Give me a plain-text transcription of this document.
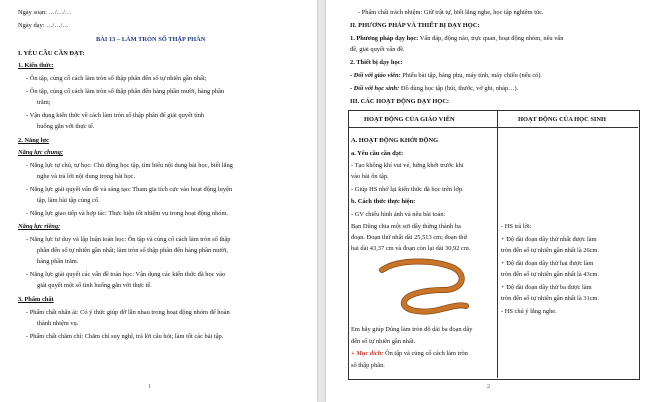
Ngày soạn: …/…/…
Ngày dạy: …/…/…
BÀI 13 – LÀM TRÒN SỐ THẬP PHÂN
I. YÊU CẦU CẦN ĐẠT:
1. Kiến thức:
- Ôn tập, củng cố cách làm tròn số thập phân đến số tự nhiên gần nhất;
- Ôn tập, củng cố cách làm tròn số thập phân đến hàng phần mười, hàng phần
trăm;
- Vận dụng kiến thức về cách làm tròn số thập phân để giải quyết tình
huống gắn với thực tế.
2. Năng lực
Năng lực chung:
- Năng lực tự chủ, tự học: Chủ động học tập, tìm hiểu nội dung bài học, biết lắng
nghe và trả lời nội dung trong bài học.
- Năng lực giải quyết vấn đề và sáng tạo: Tham gia tích cực vào hoạt động luyện
tập, làm bài tập củng cố.
- Năng lực giao tiếp và hợp tác: Thực hiện tốt nhiệm vụ trong hoạt động nhóm.
Năng lực riêng:
- Năng lực tư duy và lập luận toán học: Ôn tập và củng cố cách làm tròn số thập
phân đến số tự nhiên gần nhất; làm tròn số thập phân đến hàng phần mười,
hàng phần trăm.
- Năng lực giải quyết các vấn đề toán học: Vận dụng các kiến thức đã học vào
giải quyết một số tình huống gắn với thực tế.
3. Phẩm chất
- Phẩm chất nhân ái: Có ý thức giúp đỡ lẫn nhau trong hoạt động nhóm để hoàn
thành nhiệm vụ.
- Phẩm chất chăm chỉ: Chăm chỉ suy nghĩ, trả lời câu hỏi; làm tốt các bài tập.
1
- Phẩm chất trách nhiệm: Giữ trật tự, biết lắng nghe, học tập nghiêm túc.
II. PHƯƠNG PHÁP VÀ THIẾT BỊ DẠY HỌC:
1. Phương pháp dạy học: Vấn đáp, động não, trực quan, hoạt động nhóm, nêu vấn
đề, giải quyết vấn đề.
2. Thiết bị dạy học:
- Đối với giáo viên: Phiếu bài tập, bảng phụ, máy tính, máy chiếu (nếu có).
- Đối với học sinh: Đồ dùng học tập (bút, thước, vở ghi, nháp…).
III. CÁC HOẠT ĐỘNG DẠY HỌC:
HOẠT ĐỘNG CỦA GIÁO VIÊN	HOẠT ĐỘNG CỦA HỌC SINH
A. HOẠT ĐỘNG KHỞI ĐỘNG
a. Yêu cầu cần đạt:
- Tạo không khí vui vẻ, hứng khởi trước khi
vào bài ôn tập.
- Giúp HS nhớ lại kiến thức đã học trên lớp.
b. Cách thức thực hiện:
- GV chiếu hình ảnh và nêu bài toán:
Bạn Dũng chia một sợi dây thừng thành ba
đoạn. Đoạn thứ nhất dài 25,513 cm; đoạn thứ
hai dài 43,37 cm và đoạn còn lại dài 30,92 cm.
Em hãy giúp Dũng làm tròn độ dài ba đoạn dây
đến số tự nhiên gần nhất.
+ Mục đích: Ôn tập và củng cố cách làm tròn
số thập phân.
- HS trả lời:
+ Độ dài đoạn dây thứ nhất được làm
tròn đến số tự nhiên gần nhất là 26cm.
+ Độ dài đoạn dây thứ hai được làm
tròn đến số tự nhiên gần nhất là 43cm.
+ Độ dài đoạn dây thứ ba được làm
tròn đến số tự nhiên gần nhất là 31cm.
- HS chú ý lắng nghe.
2
